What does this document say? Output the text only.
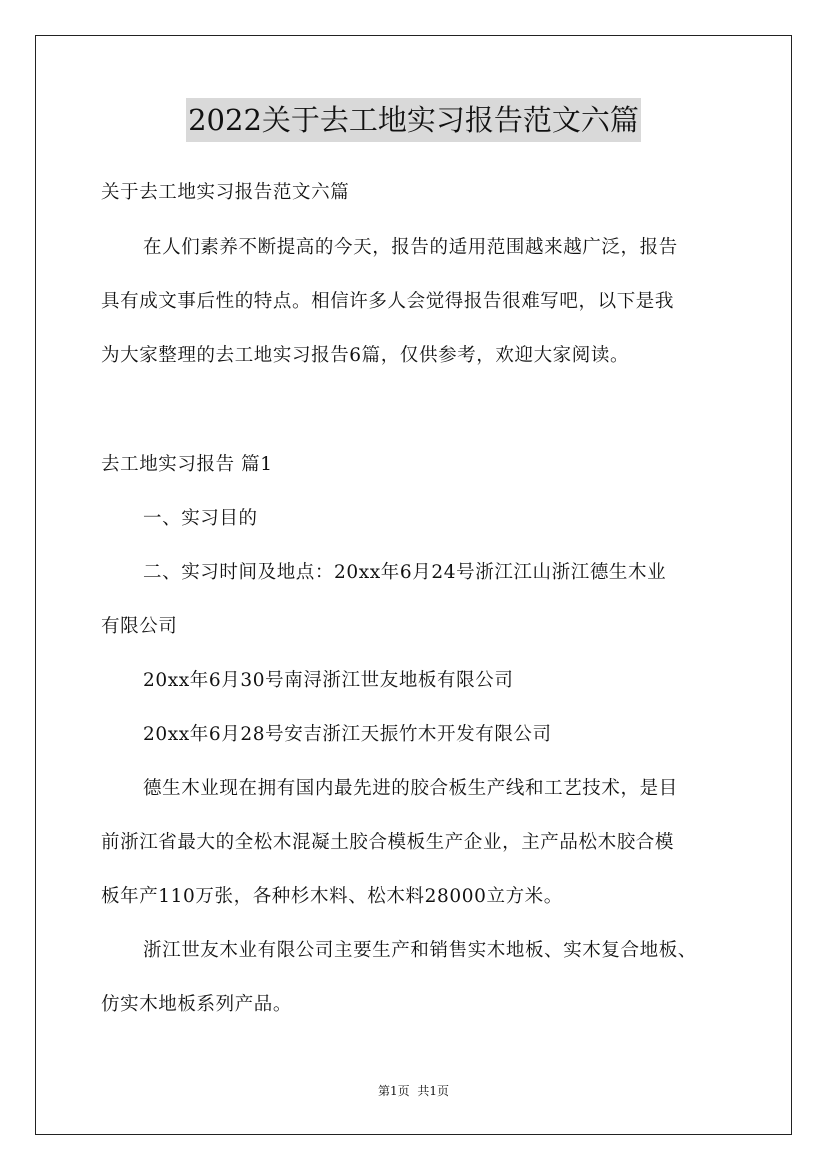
2022关于去工地实习报告范文六篇
关于去工地实习报告范文六篇
在人们素养不断提高的今天，报告的适用范围越来越广泛，报告
具有成文事后性的特点。相信许多人会觉得报告很难写吧，以下是我
为大家整理的去工地实习报告6篇，仅供参考，欢迎大家阅读。
去工地实习报告 篇1
一、实习目的
二、实习时间及地点：20xx年6月24号浙江江山浙江德生木业
有限公司
20xx年6月30号南浔浙江世友地板有限公司
20xx年6月28号安吉浙江天振竹木开发有限公司
德生木业现在拥有国内最先进的胶合板生产线和工艺技术，是目
前浙江省最大的全松木混凝土胶合模板生产企业，主产品松木胶合模
板年产110万张，各种杉木料、松木料28000立方米。
浙江世友木业有限公司主要生产和销售实木地板、实木复合地板、
仿实木地板系列产品。
第1页 共1页
